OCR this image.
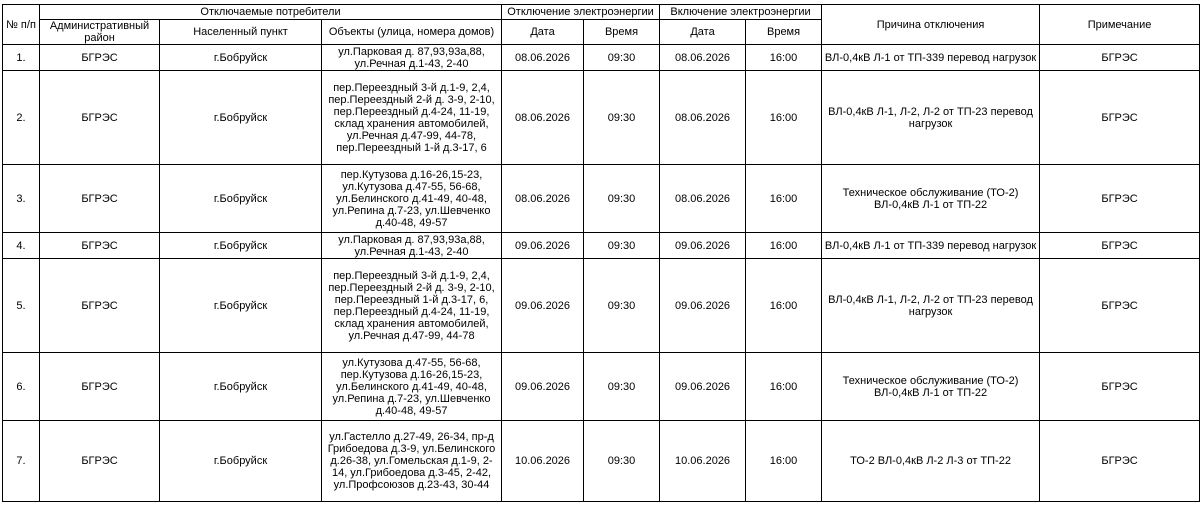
№ п/п	Отключаемые потребители			Отключение электроэнергии		Включение электроэнергии		Причина отключения	Примечание
	Административный район	Населенный пункт	Объекты (улица, номера домов)						
				Дата	Время	Дата	Время		
1.	БГРЭС	г.Бобруйск	ул.Парковая д. 87,93,93а,88, ул.Речная д.1-43, 2-40	08.06.2026	09:30	08.06.2026	16:00	ВЛ-0,4кВ Л-1 от ТП-339 перевод нагрузок	БГРЭС
2.	БГРЭС	г.Бобруйск	пер.Переездный 3-й д.1-9, 2,4, пер.Переездный 2-й д. 3-9, 2-10, пер.Переездный д.4-24, 11-19, склад хранения автомобилей, ул.Речная д.47-99, 44-78, пер.Переездный 1-й д.3-17, 6	08.06.2026	09:30	08.06.2026	16:00	ВЛ-0,4кВ Л-1, Л-2, Л-2 от ТП-23 перевод нагрузок	БГРЭС
3.	БГРЭС	г.Бобруйск	пер.Кутузова д.16-26,15-23, ул.Кутузова д.47-55, 56-68, ул.Белинского д.41-49, 40-48, ул.Репина д.7-23, ул.Шевченко д.40-48, 49-57	08.06.2026	09:30	08.06.2026	16:00	Техническое обслуживание (ТО-2) ВЛ-0,4кВ Л-1 от ТП-22	БГРЭС
4.	БГРЭС	г.Бобруйск	ул.Парковая д. 87,93,93а,88, ул.Речная д.1-43, 2-40	09.06.2026	09:30	09.06.2026	16:00	ВЛ-0,4кВ Л-1 от ТП-339 перевод нагрузок	БГРЭС
5.	БГРЭС	г.Бобруйск	пер.Переездный 3-й д.1-9, 2,4, пер.Переездный 2-й д. 3-9, 2-10, пер.Переездный 1-й д.3-17, 6, пер.Переездный д.4-24, 11-19, склад хранения автомобилей, ул.Речная д.47-99, 44-78	09.06.2026	09:30	09.06.2026	16:00	ВЛ-0,4кВ Л-1, Л-2, Л-2 от ТП-23 перевод нагрузок	БГРЭС
6.	БГРЭС	г.Бобруйск	ул.Кутузова д.47-55, 56-68, пер.Кутузова д.16-26,15-23, ул.Белинского д.41-49, 40-48, ул.Репина д.7-23, ул.Шевченко д.40-48, 49-57	09.06.2026	09:30	09.06.2026	16:00	Техническое обслуживание (ТО-2) ВЛ-0,4кВ Л-1 от ТП-22	БГРЭС
7.	БГРЭС	г.Бобруйск	ул.Гастелло д.27-49, 26-34, пр-д Грибоедова д.3-9, ул.Белинского д.26-38, ул.Гомельская д.1-9, 2-14, ул.Грибоедова д.3-45, 2-42, ул.Профсоюзов д.23-43, 30-44	10.06.2026	09:30	10.06.2026	16:00	ТО-2 ВЛ-0,4кВ Л-2 Л-3 от ТП-22	БГРЭС
